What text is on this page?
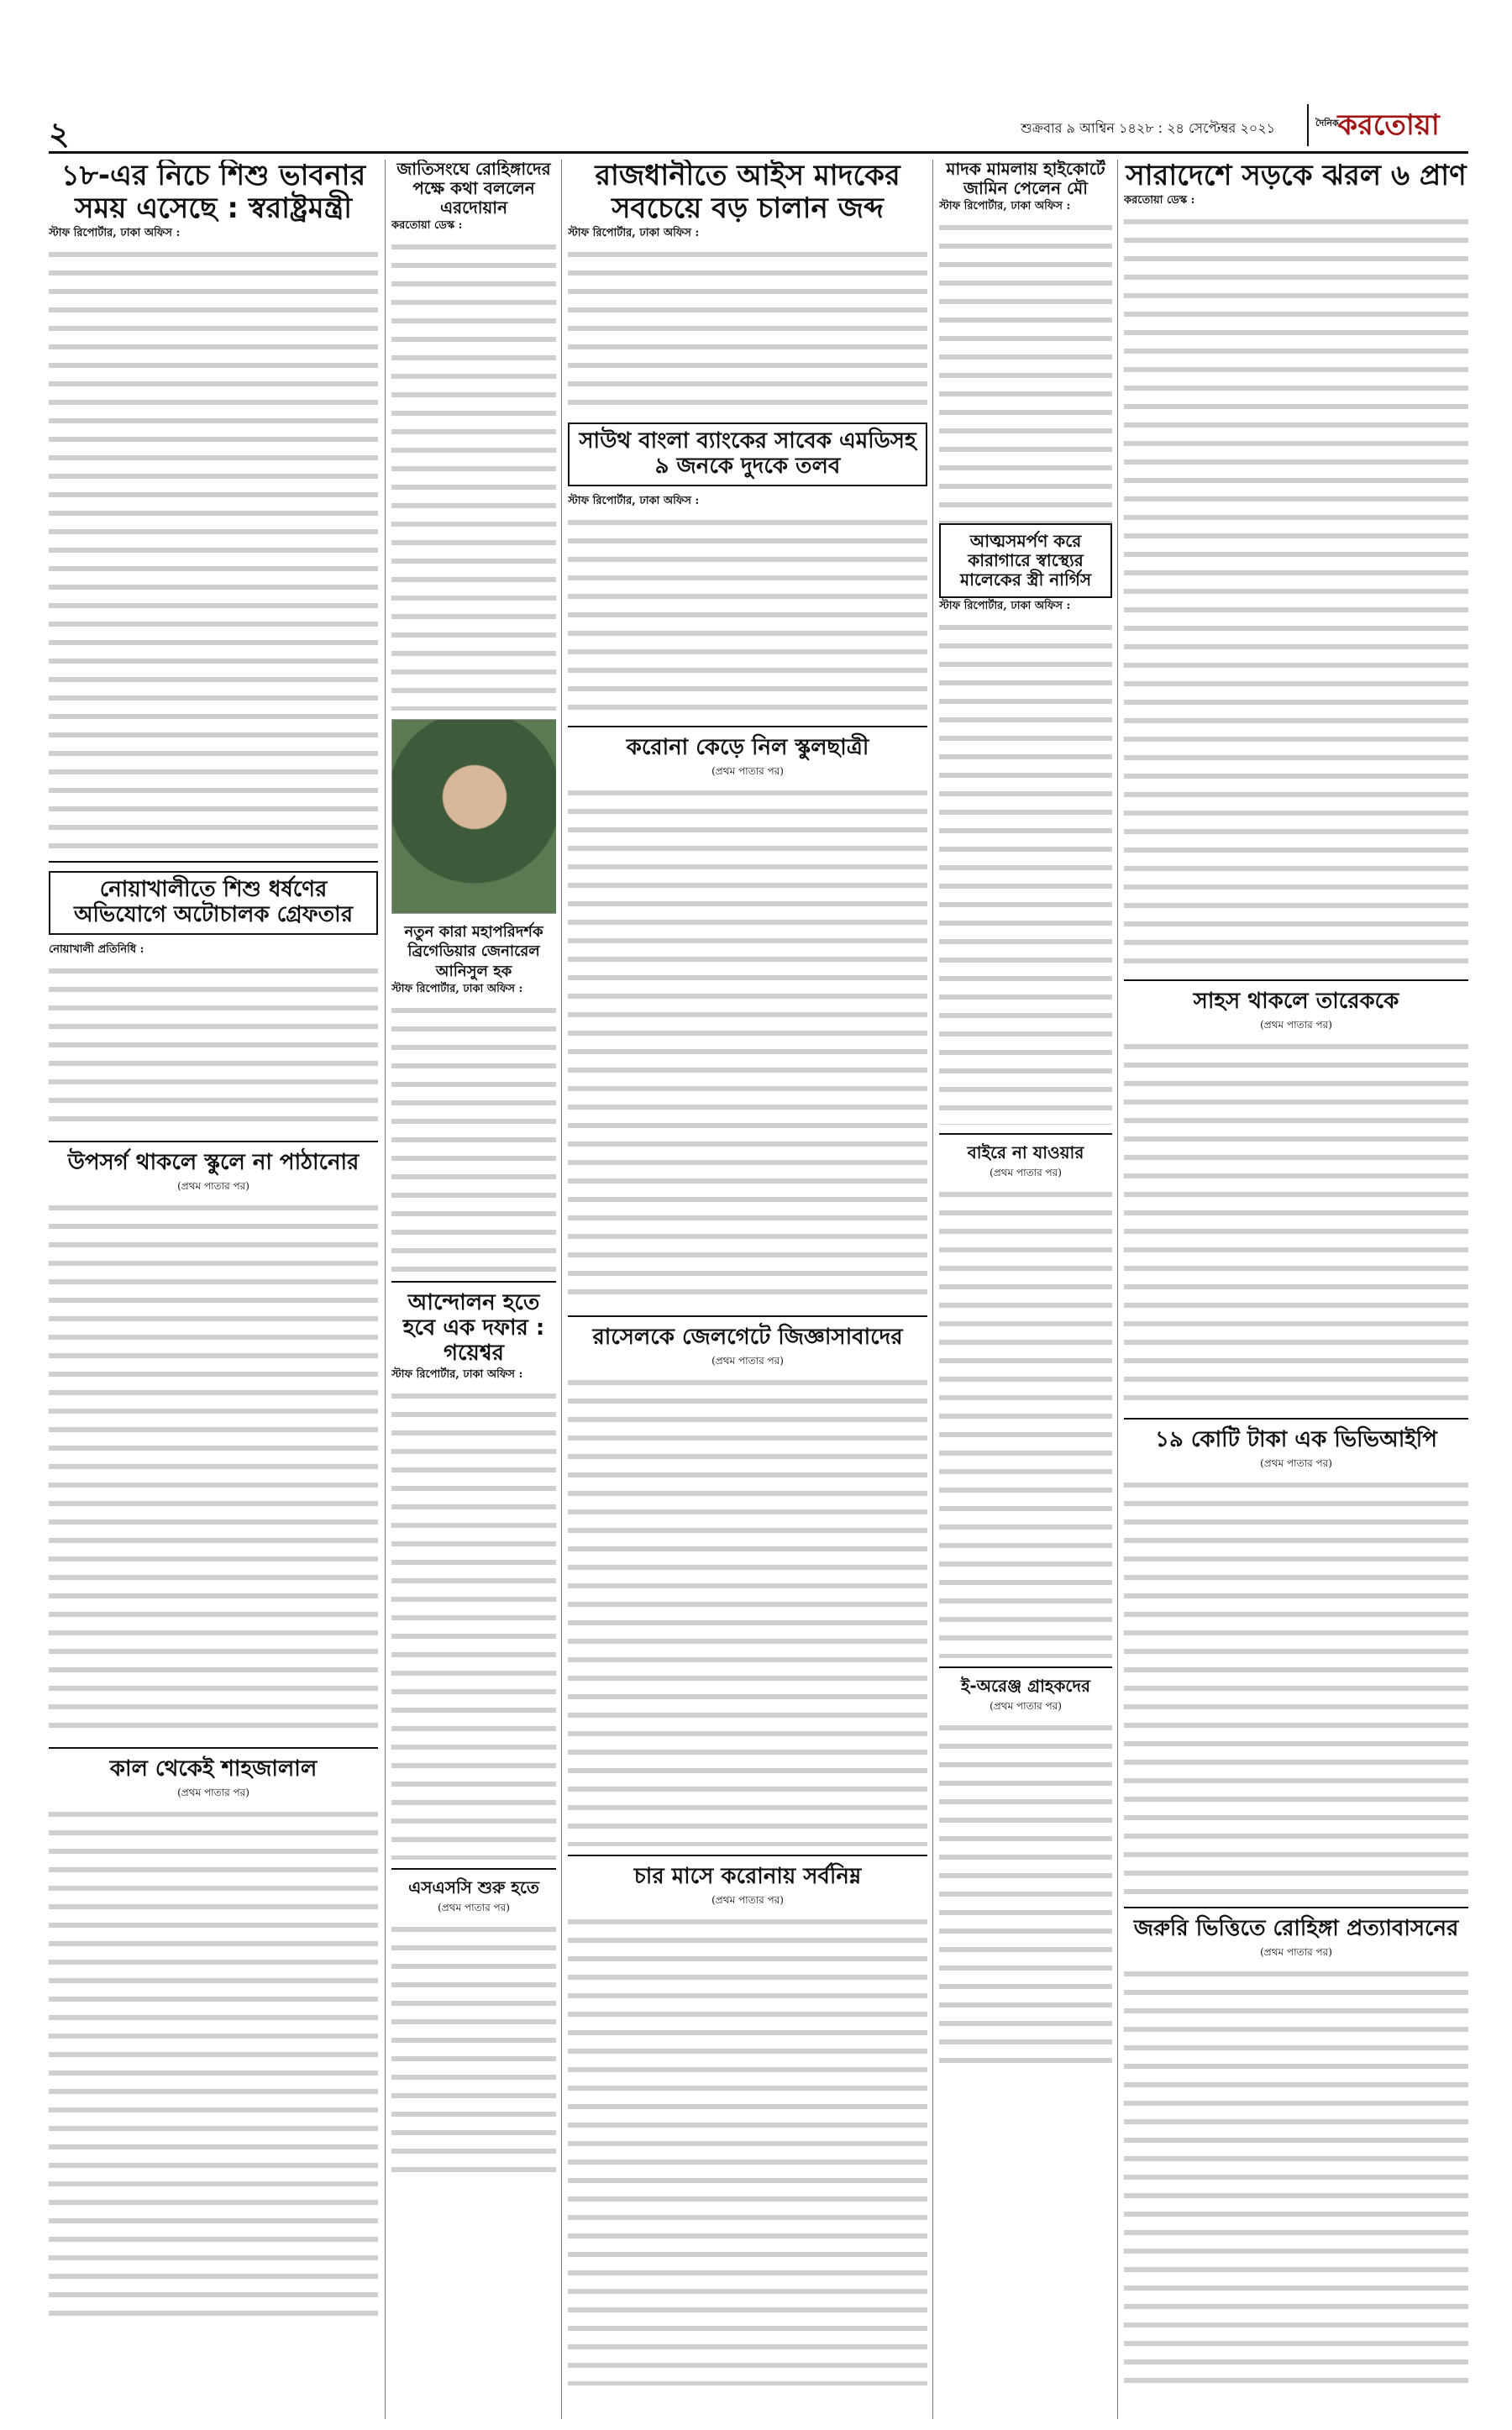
২	শুক্রবার ৯ আশ্বিন ১৪২৮ : ২৪ সেপ্টেম্বর ২০২১	দৈনিক
করতোয়া
১৮-এর নিচে শিশু ভাবনার সময় এসেছে : স্বরাষ্ট্রমন্ত্রী
স্টাফ রিপোর্টার, ঢাকা অফিস :
নোয়াখালীতে শিশু ধর্ষণের অভিযোগে অটোচালক গ্রেফতার
নোয়াখালী প্রতিনিধি :
উপসর্গ থাকলে স্কুলে না পাঠানোর
(প্রথম পাতার পর)
কাল থেকেই শাহজালাল
(প্রথম পাতার পর)
জাতিসংঘে রোহিঙ্গাদের পক্ষে কথা বললেন এরদোয়ান
করতোয়া ডেস্ক :
নতুন কারা মহাপরিদর্শক ব্রিগেডিয়ার জেনারেল আনিসুল হক
স্টাফ রিপোর্টার, ঢাকা অফিস :
আন্দোলন হতে হবে এক দফার : গয়েশ্বর
স্টাফ রিপোর্টার, ঢাকা অফিস :
এসএসসি শুরু হতে
(প্রথম পাতার পর)
রাজধানীতে আইস মাদকের সবচেয়ে বড় চালান জব্দ
স্টাফ রিপোর্টার, ঢাকা অফিস :
সাউথ বাংলা ব্যাংকের সাবেক এমডিসহ ৯ জনকে দুদকে তলব
স্টাফ রিপোর্টার, ঢাকা অফিস :
করোনা কেড়ে নিল স্কুলছাত্রী
(প্রথম পাতার পর)
রাসেলকে জেলগেটে জিজ্ঞাসাবাদের
(প্রথম পাতার পর)
চার মাসে করোনায় সর্বনিম্ন
(প্রথম পাতার পর)
মাদক মামলায় হাইকোর্টে জামিন পেলেন মৌ
স্টাফ রিপোর্টার, ঢাকা অফিস :
আত্মসমর্পণ করে কারাগারে স্বাস্থ্যের মালেকের স্ত্রী নার্গিস
স্টাফ রিপোর্টার, ঢাকা অফিস :
বাইরে না যাওয়ার
(প্রথম পাতার পর)
ই-অরেঞ্জ গ্রাহকদের
(প্রথম পাতার পর)
সারাদেশে সড়কে ঝরল ৬ প্রাণ
করতোয়া ডেস্ক :
সাহস থাকলে তারেককে
(প্রথম পাতার পর)
১৯ কোটি টাকা এক ভিভিআইপি
(প্রথম পাতার পর)
জরুরি ভিত্তিতে রোহিঙ্গা প্রত্যাবাসনের
(প্রথম পাতার পর)
